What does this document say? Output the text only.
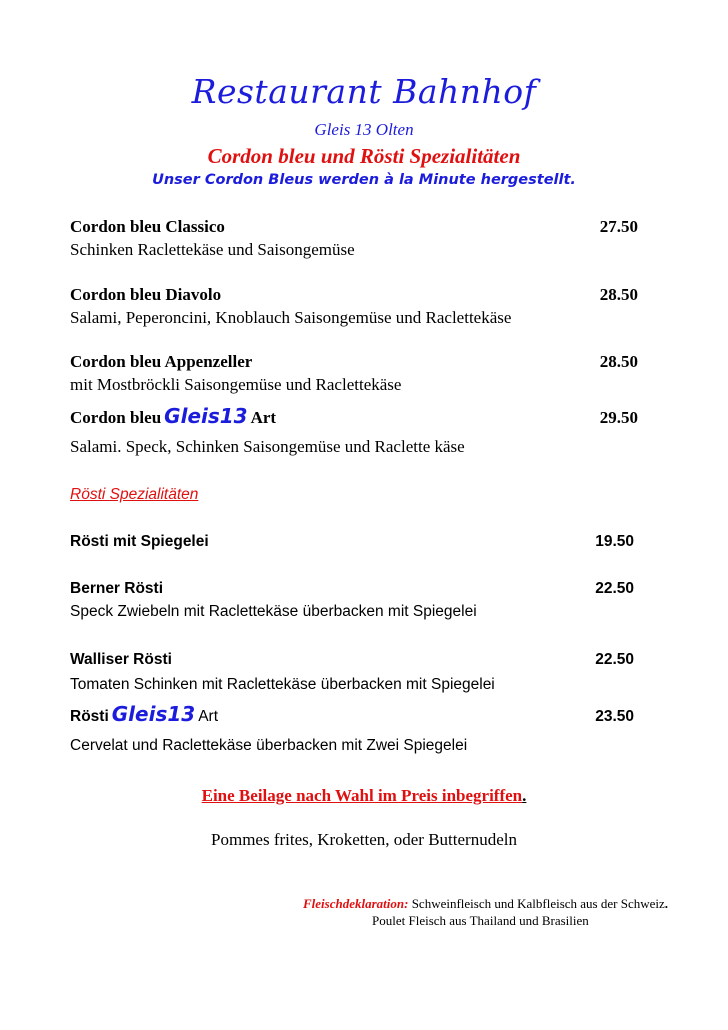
Restaurant Bahnhof
Gleis 13 Olten
Cordon bleu und Rösti Spezialitäten
Unser Cordon Bleus werden à la Minute hergestellt.
Cordon bleu Classico	27.50
Schinken Raclettekäse und Saisongemüse
Cordon bleu Diavolo	28.50
Salami, Peperoncini, Knoblauch Saisongemüse und Raclettekäse
Cordon bleu Appenzeller	28.50
mit Mostbröckli Saisongemüse und Raclettekäse
Cordon bleu Gleis13 Art	29.50
Salami. Speck, Schinken Saisongemüse und Raclette käse
Rösti Spezialitäten
Rösti mit Spiegelei	19.50
Berner Rösti	22.50
Speck Zwiebeln mit Raclettekäse überbacken mit Spiegelei
Walliser Rösti	22.50
Tomaten Schinken mit Raclettekäse überbacken mit Spiegelei
Rösti Gleis13 Art	23.50
Cervelat und Raclettekäse überbacken mit Zwei Spiegelei
Eine Beilage nach Wahl im Preis inbegriffen.
Pommes frites, Kroketten, oder Butternudeln
Fleischdeklaration: Schweinfleisch und Kalbfleisch aus der Schweiz.
Poulet Fleisch aus Thailand und Brasilien
